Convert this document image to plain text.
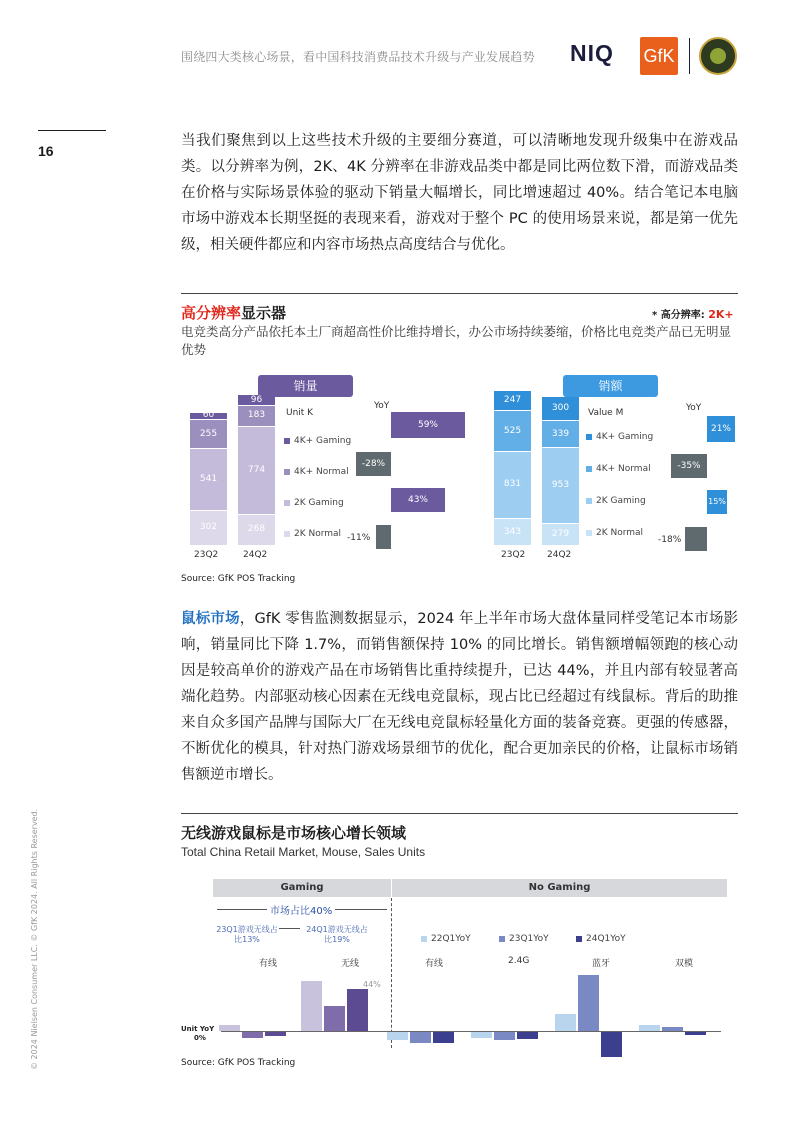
围绕四大类核心场景，看中国科技消费品技术升级与产业发展趋势 NIQ GfK
16
当我们聚焦到以上这些技术升级的主要细分赛道，可以清晰地发现升级集中在游戏品类。以分辨率为例，2K、4K 分辨率在非游戏品类中都是同比两位数下滑，而游戏品类在价格与实际场景体验的驱动下销量大幅增长，同比增速超过 40%。结合笔记本电脑市场中游戏本长期坚挺的表现来看，游戏对于整个 PC 的使用场景来说，都是第一优先级，相关硬件都应和内容市场热点高度结合与优化。
高分辨率显示器	* 高分辨率: 2K+
电竞类高分产品依托本土厂商超高性价比维持增长，办公市场持续萎缩，价格比电竞类产品已无明显优势
销量
Unit K
YoY
302
541
255
60
268
774
183
96
23Q2	24Q2
4K+ Gaming
4K+ Normal
2K Gaming
2K Normal
59%
-28%
43%
-11%
销额
Value M	YoY
343
831
525
247
279
953
339
300
23Q2 24Q2
4K+ Gaming
4K+ Normal
2K Gaming
2K Normal
21%
-35%
15%
-18%
Source: GfK POS Tracking
鼠标市场，GfK 零售监测数据显示，2024 年上半年市场大盘体量同样受笔记本市场影响，销量同比下降 1.7%，而销售额保持 10% 的同比增长。销售额增幅领跑的核心动因是较高单价的游戏产品在市场销售比重持续提升，已达 44%，并且内部有较显著高端化趋势。内部驱动核心因素在无线电竞鼠标，现占比已经超过有线鼠标。背后的助推来自众多国产品牌与国际大厂在无线电竞鼠标轻量化方面的装备竞赛。更强的传感器，不断优化的模具，针对热门游戏场景细节的优化，配合更加亲民的价格，让鼠标市场销售额逆市增长。
无线游戏鼠标是市场核心增长领域
Total China Retail Market, Mouse, Sales Units
Gaming	No Gaming
市场占比40%
23Q1游戏无线占比13%
24Q1游戏无线占比19%	22Q1YoY	23Q1YoY	24Q1YoY
有线	无线	有线	2.4G	蓝牙	双模
44%
Unit YoY
0%
Source: GfK POS Tracking
© 2024 Nielsen Consumer LLC. © GfK 2024. All Rights Reserved.
